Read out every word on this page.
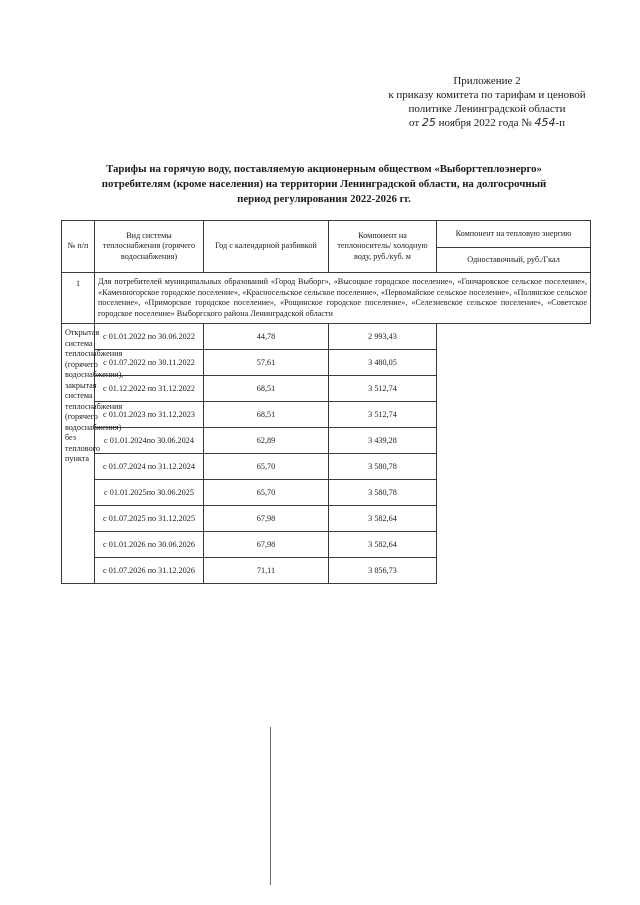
Приложение 2
к приказу комитета по тарифам и ценовой
политике Ленинградской области
от 25 ноября 2022 года № 454-п
Тарифы на горячую воду, поставляемую акционерным обществом «Выборгтеплоэнерго»
потребителям (кроме населения) на территории Ленинградской области, на долгосрочный
период регулирования 2022-2026 гг.
№ п/п	Вид системы теплоснабжения (горячего водоснабжения)	Год с календарной разбивкой	Компонент на теплоноситель/ холодную воду, руб./куб. м	Компонент на тепловую энергию
				Одноставочный, руб./Гкал
1	Для потребителей муниципальных образований «Город Выборг», «Высоцкое городское поселение», «Гончаровское сельское поселение», «Каменногорское городское поселение», «Красносельское сельское поселение», «Первомайское сельское поселение», «Полянское сельское поселение», «Приморское городское поселение», «Рощинское городское поселение», «Селезневское сельское поселение», «Советское городское поселение» Выборгского района Ленинградской области			
Открытая система теплоснабжения (горячего водоснабжения), закрытая система теплоснабжения (горячего водоснабжения) без теплового пункта	с 01.01.2022 по 30.06.2022	44,78	2 993,43	
	с 01.07.2022 по 30.11.2022	57,61	3 480,05	
	с 01.12.2022 по 31.12.2022	68,51	3 512,74	
	с 01.01.2023 по 31.12.2023	68,51	3 512,74	
	с 01.01.2024по 30.06.2024	62,89	3 439,28	
	с 01.07.2024 по 31.12.2024	65,70	3 580,78	
	с 01.01.2025по 30.06.2025	65,70	3 580,78	
	с 01.07.2025 по 31.12.2025	67,98	3 582,64	
	с 01.01.2026 по 30.06.2026	67,98	3 582,64	
	с 01.07.2026 по 31.12.2026	71,11	3 856,73	
